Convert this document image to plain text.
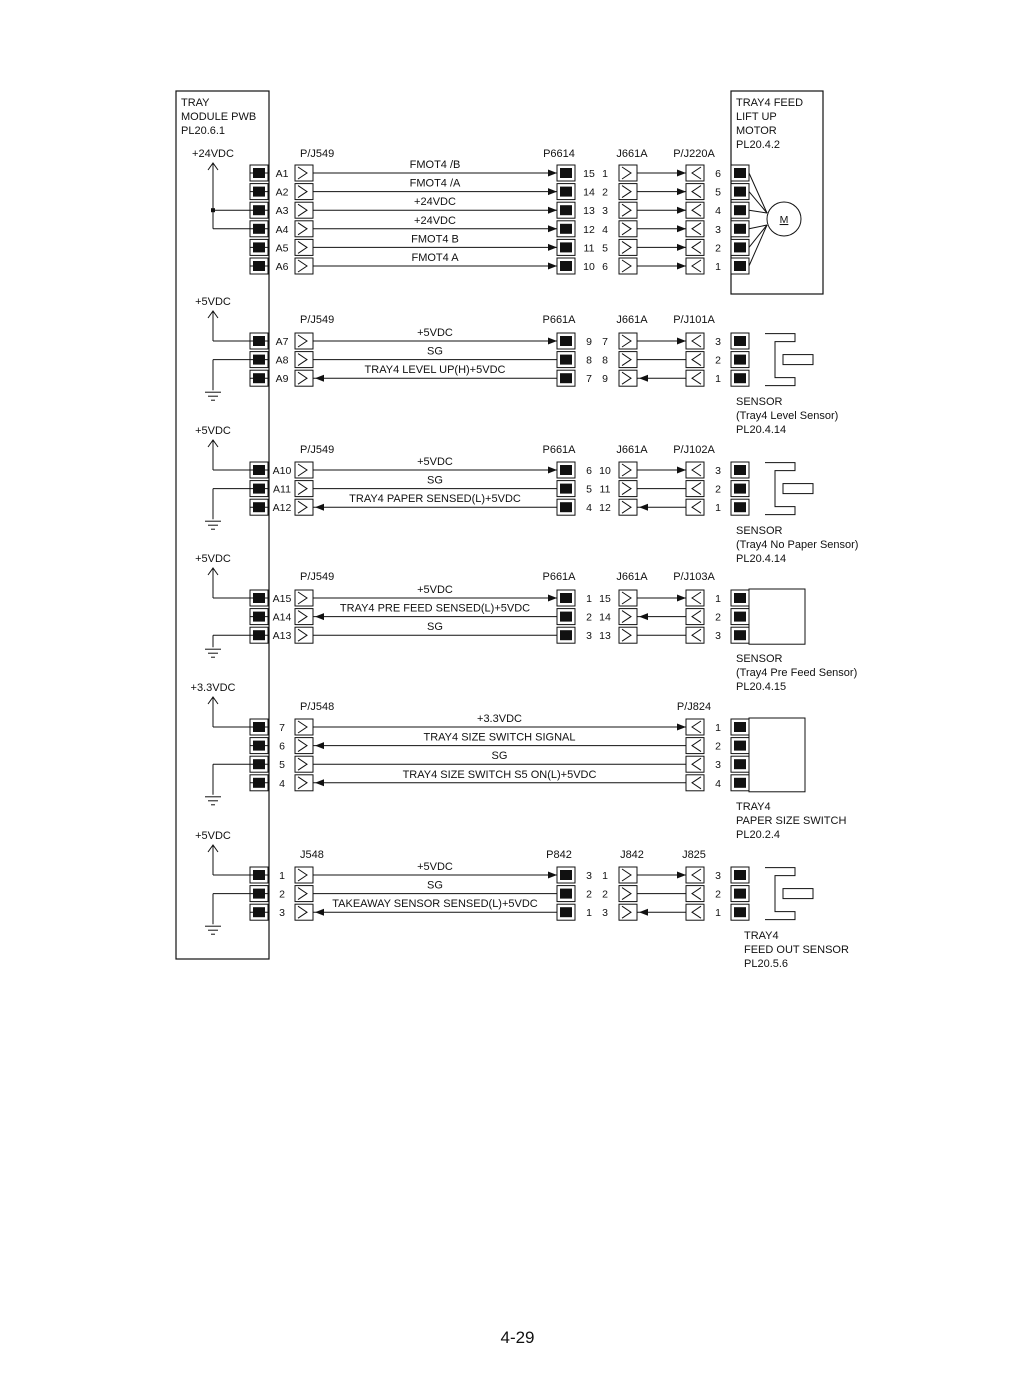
TRAY
MODULE PWB
PL20.6.1
TRAY4 FEED
LIFT UP
MOTOR
PL20.4.2
+24VDC	P/J549	P6614	J661A P/J220A
A1
FMOT4 /B
15 1	6
A2
FMOT4 /A
14 2	5
A3
+24VDC
13 3	4
A4
+24VDC
12 4	3
A5
FMOT4 B
11 5	2
A6
FMOT4 A
10 6	1
M
+5VDC
P/J549	P661A	J661A P/J101A
A7
+5VDC
9 7	3
A8
SG
8 8	2
A9
TRAY4 LEVEL UP(H)+5VDC
7 9	1
SENSOR
(Tray4 Level Sensor)
PL20.4.14
+5VDC
P/J549	P661A	J661A P/J102A
A10
+5VDC
6 10	3
A11
SG
5 11	2
A12
TRAY4 PAPER SENSED(L)+5VDC
4 12	1
SENSOR
(Tray4 No Paper Sensor)
PL20.4.14
+5VDC
P/J549	P661A	J661A P/J103A
A15
+5VDC
1 15	1
A14
TRAY4 PRE FEED SENSED(L)+5VDC
2 14	2
A13
SG
3 13	3
SENSOR
(Tray4 Pre Feed Sensor)
PL20.4.15
+3.3VDC
P/J548	P/J824
7
+3.3VDC
1
6
TRAY4 SIZE SWITCH SIGNAL
2
5
SG
3
4
TRAY4 SIZE SWITCH S5 ON(L)+5VDC
4
TRAY4
PAPER SIZE SWITCH
PL20.2.4
+5VDC
J548	P842	J842	J825
1
+5VDC
3 1	3
2
SG
2 2	2
3
TAKEAWAY SENSOR SENSED(L)+5VDC
1 3	1
TRAY4
FEED OUT SENSOR
PL20.5.6
4-29
